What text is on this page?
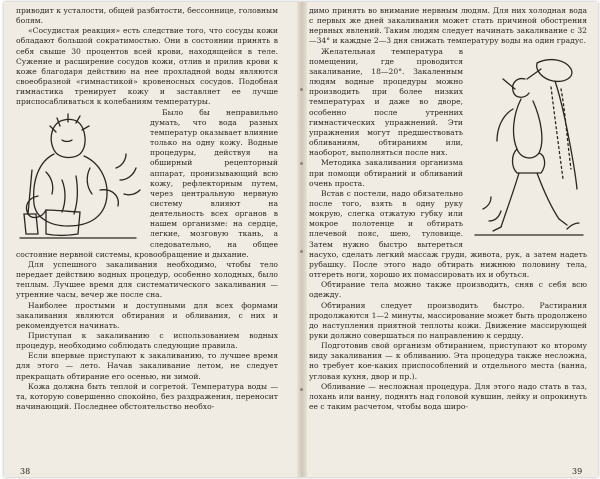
приводит к усталости, общей разбитости, бессоннице, головным болям.

«Сосудистая реакция» есть следствие того, что сосуды кожи обладают большой сократимостью. Они в состоянии принять в себя свыше 30 процентов всей крови, находящейся в теле. Сужение и расширение сосудов кожи, отлив и прилив крови к коже благодаря действию на нее прохладной воды являются своеобразной «гимнастикой» кровеносных сосудов. Подобная гимнастика тренирует кожу и заставляет ее лучше приспосабливаться к колебаниям температуры.

Было бы неправильно думать, что вода разных температур оказывает влияние только на одну кожу. Водные процедуры, действуя на обширный рецепторный аппарат, пронизывающий всю кожу, рефлекторным путем, через центральную нервную систему влияют на деятельность всех органов в нашем организме: на сердце, легкие, мозговую ткань, а следовательно, на общее состояние нервной системы, кровообращение и дыхание.

Для успешного закаливания необходимо, чтобы тело передает действию водных процедур, особенно холодных, было теплым. Лучшее время для систематического закаливания — утренние часы, вечер же после сна.

Наиболее простыми и доступными для всех формами закаливания являются обтирания и обливания, с них и рекомендуется начинать.

Приступая к закаливанию с использованием водных процедур, необходимо соблюдать следующие правила.

Если впервые приступают к закаливанию, то лучшее время для этого — лето. Начав закаливание летом, не следует прекращать обтирание его осенью, ни зимой.

Кожа должна быть теплой и согретой. Температура воды — та, которую совершенно спокойно, без раздражения, переносит начинающий. Последнее обстоятельство необхо-

38

димо принять во внимание нервным людям. Для них холодная вода с первых же дней закаливания может стать причиной обострения нервных явлений. Таким людям следует начинать закаливание с 32—34° и каждые 2—3 дня снижать температуру воды на один градус.

Желательная температура в помещении, где проводится закаливание, 18—20°. Закаленным людям водные процедуры можно производить при более низких температурах и даже во дворе, особенно после утренних гимнастических упражнений. Эти упражнения могут предшествовать обливаниям, обтираниям или, наоборот, выполняться после них.

Методика закаливания организма при помощи обтираний и обливаний очень проста.

Встав с постели, надо обязательно после того, взять в одну руку мокрую, слегка отжатую губку или мокрое полотенце и обтирать плечевой пояс, шею, туловище. Затем нужно быстро вытереться насухо, сделать легкий массаж груди, живота, рук, а затем надеть рубашку. После этого надо обтирать нижнюю половину тела, отгереть ноги, хорошо их помассировать их и обуться.

Обтирание тела можно также производить, сняв с себя всю одежду.

Обтирания следует производить быстро. Растирания продолжаются 1—2 минуты, массирование может быть продолжено до наступления приятной теплоты кожи. Движение массирующей руки должно совершаться по направлению к сердцу.

Подготовив свой организм обтиранием, приступают ко второму виду закаливания — к обливанию. Эта процедура также несложна, но требует кое-каких приспособлений и отдельного места (ванна, угловая кухня, двор и пр.).

Обливание — несложная процедура. Для этого надо стать в таз, лохань или ванну, поднять над головой кувшин, лейку и опрокинуть ее с таким расчетом, чтобы вода широ-

39
